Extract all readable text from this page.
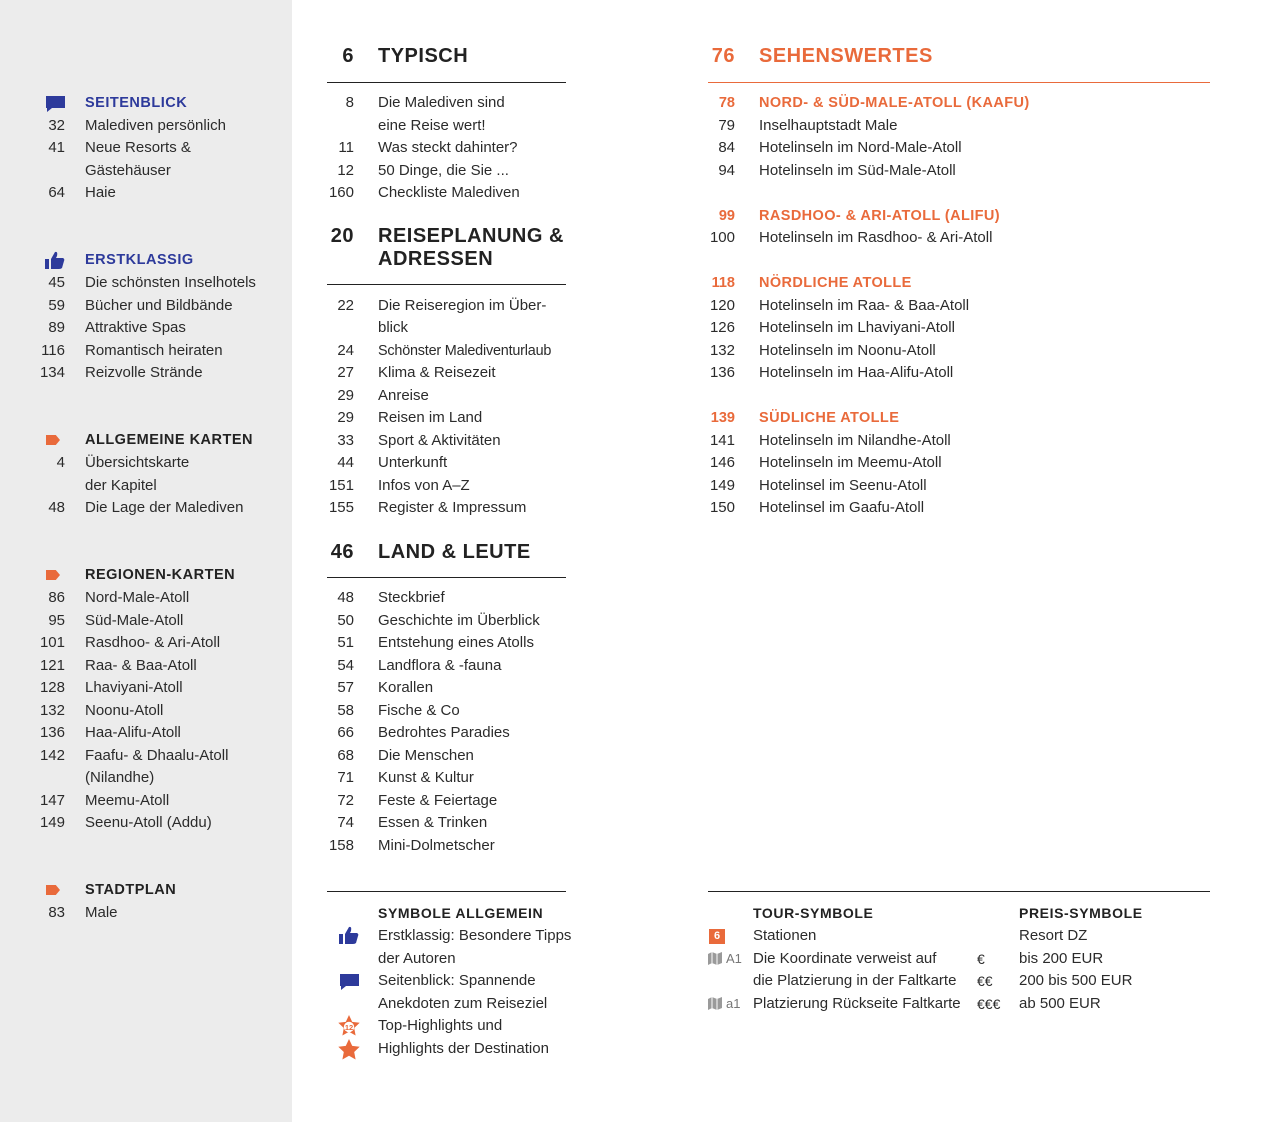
SEITENBLICK
32 Malediven persönlich
41 Neue Resorts &
Gästehäuser
64 Haie
ERSTKLASSIG
45 Die schönsten Inselhotels
59 Bücher und Bildbände
89 Attraktive Spas
116 Romantisch heiraten
134 Reizvolle Strände
ALLGEMEINE KARTEN
4 Übersichtskarte
der Kapitel
48 Die Lage der Malediven
REGIONEN-KARTEN
86 Nord-Male-Atoll
95 Süd-Male-Atoll
101 Rasdhoo- & Ari-Atoll
121 Raa- & Baa-Atoll
128 Lhaviyani-Atoll
132 Noonu-Atoll
136 Haa-Alifu-Atoll
142 Faafu- & Dhaalu-Atoll
(Nilandhe)
147 Meemu-Atoll
149 Seenu-Atoll (Addu)
STADTPLAN
83 Male
6 TYPISCH
8 Die Malediven sind
eine Reise wert!
11 Was steckt dahinter?
12 50 Dinge, die Sie ...
160 Checkliste Malediven
20 REISEPLANUNG &
ADRESSEN
22 Die Reiseregion im Über-
blick
24 Schönster Malediventurlaub
27 Klima & Reisezeit
29 Anreise
29 Reisen im Land
33 Sport & Aktivitäten
44 Unterkunft
151 Infos von A–Z
155 Register & Impressum
46 LAND & LEUTE
48 Steckbrief
50 Geschichte im Überblick
51 Entstehung eines Atolls
54 Landflora & -fauna
57 Korallen
58 Fische & Co
66 Bedrohtes Paradies
68 Die Menschen
71 Kunst & Kultur
72 Feste & Feiertage
74 Essen & Trinken
158 Mini-Dolmetscher
76 SEHENSWERTES
78 NORD- & SÜD-MALE-ATOLL (KAAFU)
79 Inselhauptstadt Male
84 Hotelinseln im Nord-Male-Atoll
94 Hotelinseln im Süd-Male-Atoll
99 RASDHOO- & ARI-ATOLL (ALIFU)
100 Hotelinseln im Rasdhoo- & Ari-Atoll
118 NÖRDLICHE ATOLLE
120 Hotelinseln im Raa- & Baa-Atoll
126 Hotelinseln im Lhaviyani-Atoll
132 Hotelinseln im Noonu-Atoll
136 Hotelinseln im Haa-Alifu-Atoll
139 SÜDLICHE ATOLLE
141 Hotelinseln im Nilandhe-Atoll
146 Hotelinseln im Meemu-Atoll
149 Hotelinsel im Seenu-Atoll
150 Hotelinsel im Gaafu-Atoll
SYMBOLE ALLGEMEIN
Erstklassig: Besondere Tipps
der Autoren
Seitenblick: Spannende
Anekdoten zum Reiseziel
12 Top-Highlights und
Highlights der Destination
TOUR-SYMBOLE
6	Stationen
A1 Die Koordinate verweist auf
die Platzierung in der Faltkarte
a1 Platzierung Rückseite Faltkarte
PREIS-SYMBOLE
Resort DZ
€ bis 200 EUR
€€ 200 bis 500 EUR
€€€ ab 500 EUR
